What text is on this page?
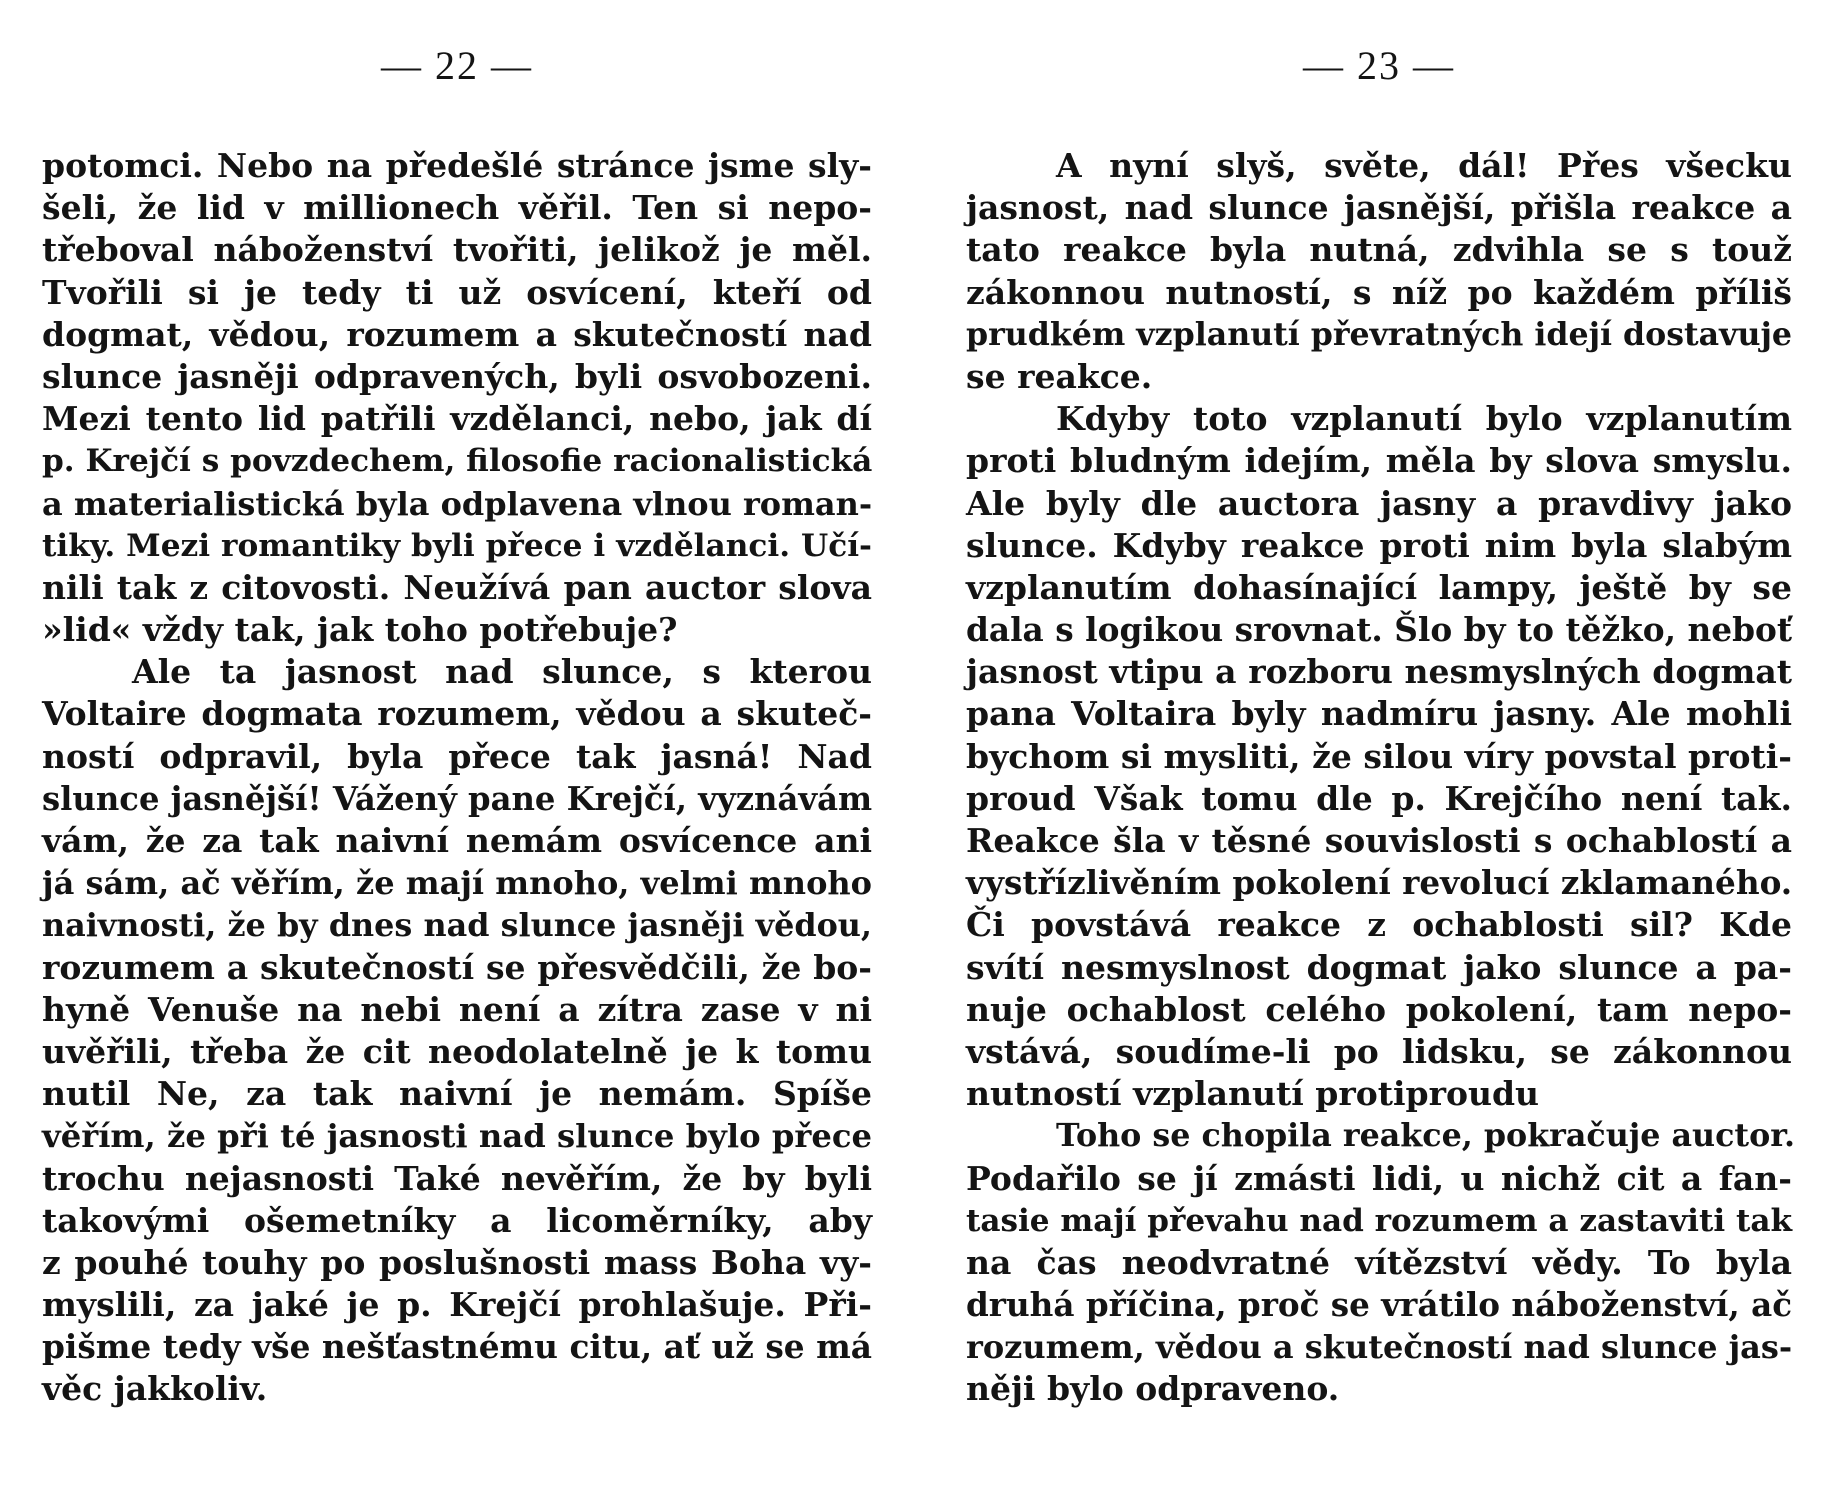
— 22 —
potomci. Nebo na předešlé stránce jsme sly-
šeli, že lid v millionech věřil. Ten si nepo-
třeboval náboženství tvořiti, jelikož je měl.
Tvořili si je tedy ti už osvícení, kteří od
dogmat, vědou, rozumem a skutečností nad
slunce jasněji odpravených, byli osvobozeni.
Mezi tento lid patřili vzdělanci, nebo, jak dí
p. Krejčí s povzdechem, filosofie racionalistická
a materialistická byla odplavena vlnou roman-
tiky. Mezi romantiky byli přece i vzdělanci. Učí-
nili tak z citovosti. Neužívá pan auctor slova
»lid« vždy tak, jak toho potřebuje?
Ale ta jasnost nad slunce, s kterou
Voltaire dogmata rozumem, vědou a skuteč-
ností odpravil, byla přece tak jasná! Nad
slunce jasnější! Vážený pane Krejčí, vyznávám
vám, že za tak naivní nemám osvícence ani
já sám, ač věřím, že mají mnoho, velmi mnoho
naivnosti, že by dnes nad slunce jasněji vědou,
rozumem a skutečností se přesvědčili, že bo-
hyně Venuše na nebi není a zítra zase v ni
uvěřili, třeba že cit neodolatelně je k tomu
nutil Ne, za tak naivní je nemám. Spíše
věřím, že při té jasnosti nad slunce bylo přece
trochu nejasnosti Také nevěřím, že by byli
takovými ošemetníky a licoměrníky, aby
z pouhé touhy po poslušnosti mass Boha vy-
myslili, za jaké je p. Krejčí prohlašuje. Při-
pišme tedy vše nešťastnému citu, ať už se má
věc jakkoliv.
— 23 —
A nyní slyš, světe, dál! Přes všecku
jasnost, nad slunce jasnější, přišla reakce a
tato reakce byla nutná, zdvihla se s touž
zákonnou nutností, s níž po každém příliš
prudkém vzplanutí převratných idejí dostavuje
se reakce.
Kdyby toto vzplanutí bylo vzplanutím
proti bludným idejím, měla by slova smyslu.
Ale byly dle auctora jasny a pravdivy jako
slunce. Kdyby reakce proti nim byla slabým
vzplanutím dohasínající lampy, ještě by se
dala s logikou srovnat. Šlo by to těžko, neboť
jasnost vtipu a rozboru nesmyslných dogmat
pana Voltaira byly nadmíru jasny. Ale mohli
bychom si mysliti, že silou víry povstal proti-
proud Však tomu dle p. Krejčího není tak.
Reakce šla v těsné souvislosti s ochablostí a
vystřízlivěním pokolení revolucí zklamaného.
Či povstává reakce z ochablosti sil? Kde
svítí nesmyslnost dogmat jako slunce a pa-
nuje ochablost celého pokolení, tam nepo-
vstává, soudíme-li po lidsku, se zákonnou
nutností vzplanutí protiproudu
Toho se chopila reakce, pokračuje auctor.
Podařilo se jí zmásti lidi, u nichž cit a fan-
tasie mají převahu nad rozumem a zastaviti tak
na čas neodvratné vítězství vědy. To byla
druhá příčina, proč se vrátilo náboženství, ač
rozumem, vědou a skutečností nad slunce jas-
něji bylo odpraveno.
